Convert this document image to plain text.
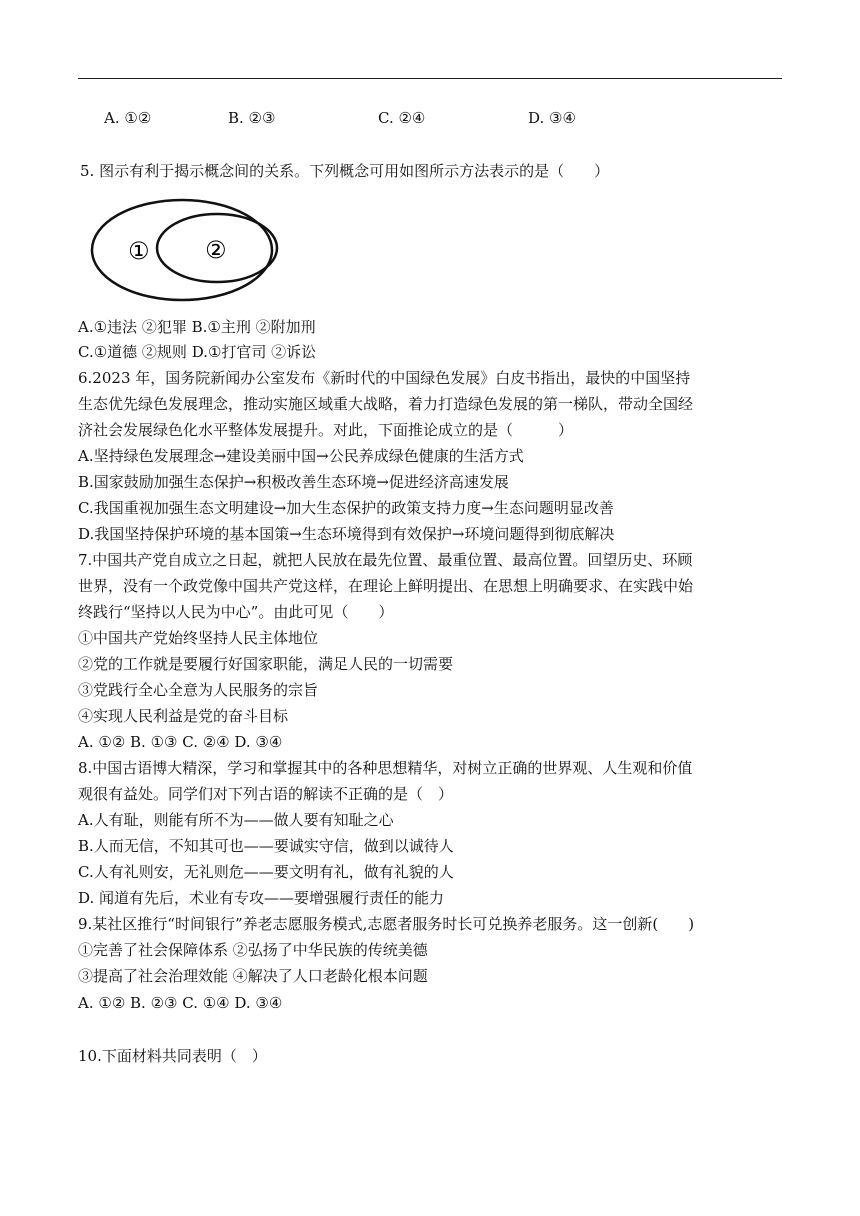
A. ①②	B. ②③	C. ②④	D. ③④
5. 图示有利于揭示概念间的关系。下列概念可用如图所示方法表示的是（　　）
① ②
A.①违法 ②犯罪 B.①主刑 ②附加刑
C.①道德 ②规则 D.①打官司 ②诉讼
6.2023 年，国务院新闻办公室发布《新时代的中国绿色发展》白皮书指出，最快的中国坚持
生态优先绿色发展理念，推动实施区域重大战略，着力打造绿色发展的第一梯队，带动全国经
济社会发展绿色化水平整体发展提升。对此，下面推论成立的是（　　　）
A.坚持绿色发展理念→建设美丽中国→公民养成绿色健康的生活方式
B.国家鼓励加强生态保护→积极改善生态环境→促进经济高速发展
C.我国重视加强生态文明建设→加大生态保护的政策支持力度→生态问题明显改善
D.我国坚持保护环境的基本国策→生态环境得到有效保护→环境问题得到彻底解决
7.中国共产党自成立之日起，就把人民放在最先位置、最重位置、最高位置。回望历史、环顾
世界，没有一个政党像中国共产党这样，在理论上鲜明提出、在思想上明确要求、在实践中始
终践行“坚持以人民为中心”。由此可见（　　）
①中国共产党始终坚持人民主体地位
②党的工作就是要履行好国家职能，满足人民的一切需要
③党践行全心全意为人民服务的宗旨
④实现人民利益是党的奋斗目标
A. ①② B. ①③ C. ②④ D. ③④
8.中国古语博大精深，学习和掌握其中的各种思想精华，对树立正确的世界观、人生观和价值
观很有益处。同学们对下列古语的解读不正确的是（　）
A.人有耻，则能有所不为——做人要有知耻之心
B.人而无信，不知其可也——要诚实守信，做到以诚待人
C.人有礼则安，无礼则危——要文明有礼，做有礼貌的人
D. 闻道有先后，术业有专攻——要增强履行责任的能力
9.某社区推行“时间银行”养老志愿服务模式,志愿者服务时长可兑换养老服务。这一创新(　　)
①完善了社会保障体系 ②弘扬了中华民族的传统美德
③提高了社会治理效能 ④解决了人口老龄化根本问题
A. ①② B. ②③ C. ①④ D. ③④
10.下面材料共同表明（　）
